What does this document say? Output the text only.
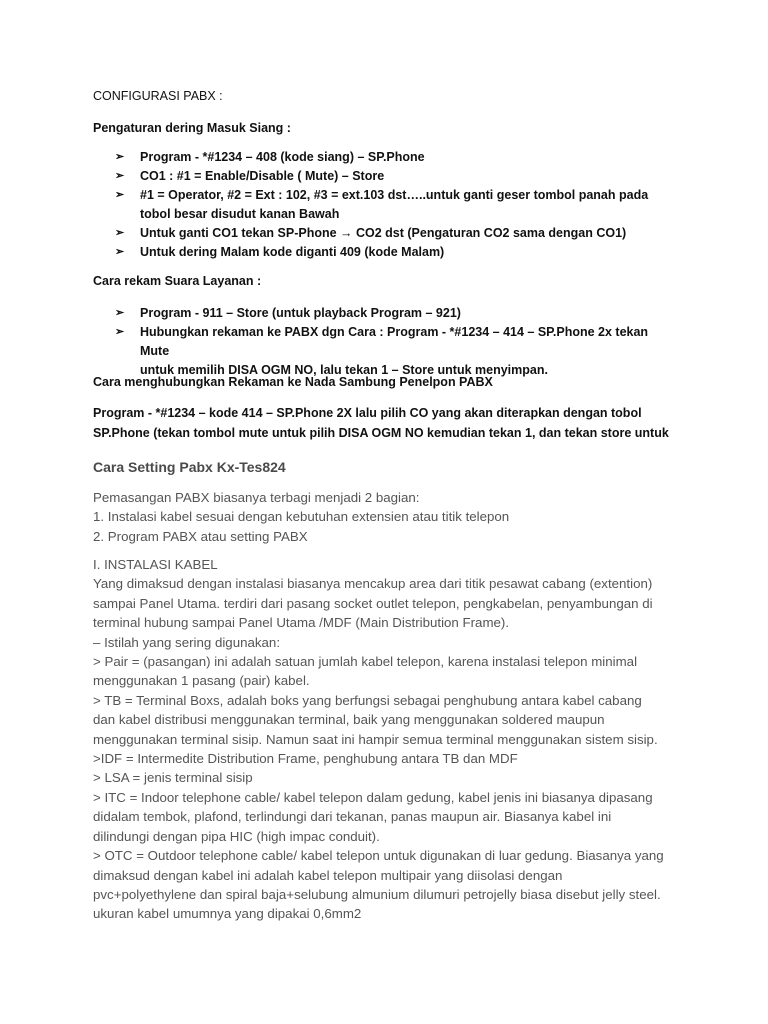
CONFIGURASI PABX :
Pengaturan dering Masuk Siang :
➢ Program - *#1234 – 408 (kode siang) – SP.Phone
➢ CO1 : #1 = Enable/Disable ( Mute) – Store
➢ #1 = Operator, #2 = Ext : 102, #3 = ext.103 dst…..untuk ganti geser tombol panah pada
tobol besar disudut kanan Bawah
➢ Untuk ganti CO1 tekan SP-Phone → CO2 dst (Pengaturan CO2 sama dengan CO1)
➢ Untuk dering Malam kode diganti 409 (kode Malam)
Cara rekam Suara Layanan :
➢ Program - 911 – Store (untuk playback Program – 921)
➢ Hubungkan rekaman ke PABX dgn Cara : Program - *#1234 – 414 – SP.Phone 2x tekan Mute
untuk memilih DISA OGM NO, lalu tekan 1 – Store untuk menyimpan.
Cara menghubungkan Rekaman ke Nada Sambung Penelpon PABX
Program - *#1234 – kode 414 – SP.Phone 2X lalu pilih CO yang akan diterapkan dengan tobol
SP.Phone (tekan tombol mute untuk pilih DISA OGM NO kemudian tekan 1, dan tekan store untuk
Cara Setting Pabx Kx-Tes824
Pemasangan PABX biasanya terbagi menjadi 2 bagian:
1. Instalasi kabel sesuai dengan kebutuhan extensien atau titik telepon
2. Program PABX atau setting PABX
I. INSTALASI KABEL
Yang dimaksud dengan instalasi biasanya mencakup area dari titik pesawat cabang (extention)
sampai Panel Utama. terdiri dari pasang socket outlet telepon, pengkabelan, penyambungan di
terminal hubung sampai Panel Utama /MDF (Main Distribution Frame).
– Istilah yang sering digunakan:
> Pair = (pasangan) ini adalah satuan jumlah kabel telepon, karena instalasi telepon minimal
menggunakan 1 pasang (pair) kabel.
> TB = Terminal Boxs, adalah boks yang berfungsi sebagai penghubung antara kabel cabang
dan kabel distribusi menggunakan terminal, baik yang menggunakan soldered maupun
menggunakan terminal sisip. Namun saat ini hampir semua terminal menggunakan sistem sisip.
>IDF = Intermedite Distribution Frame, penghubung antara TB dan MDF
> LSA = jenis terminal sisip
> ITC = Indoor telephone cable/ kabel telepon dalam gedung, kabel jenis ini biasanya dipasang
didalam tembok, plafond, terlindungi dari tekanan, panas maupun air. Biasanya kabel ini
dilindungi dengan pipa HIC (high impac conduit).
> OTC = Outdoor telephone cable/ kabel telepon untuk digunakan di luar gedung. Biasanya yang
dimaksud dengan kabel ini adalah kabel telepon multipair yang diisolasi dengan
pvc+polyethylene dan spiral baja+selubung almunium dilumuri petrojelly biasa disebut jelly steel.
ukuran kabel umumnya yang dipakai 0,6mm2
